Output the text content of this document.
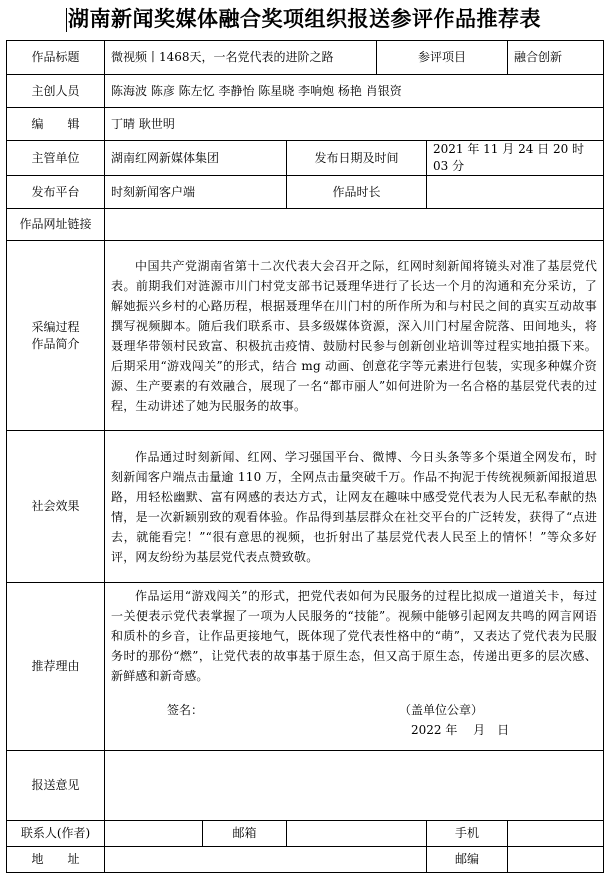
湖南新闻奖媒体融合奖项组织报送参评作品推荐表
作品标题	微视频丨1468天，一名党代表的进阶之路			参评项目		融合创新
主创人员	陈海波 陈彦 陈左忆 李静怡 陈星晓 李响炮 杨艳 肖银资					
编　　辑	丁晴 耿世明					
主管单位	湖南红网新媒体集团		发布日期及时间		2021 年 11 月 24 日 20 时 03 分	
发布平台	时刻新闻客户端		作品时长			
作品网址链接						
采编过程作品简介	中国共产党湖南省第十二次代表大会召开之际，红网时刻新闻将镜头对准了基层党代表。前期我们对涟源市川门村党支部书记聂理华进行了长达一个月的沟通和充分采访，了解她振兴乡村的心路历程，根据聂理华在川门村的所作所为和与村民之间的真实互动故事撰写视频脚本。随后我们联系市、县多级媒体资源，深入川门村屋舍院落、田间地头，将聂理华带领村民致富、积极抗击疫情、鼓励村民参与创新创业培训等过程实地拍摄下来。后期采用“游戏闯关”的形式，结合 mg 动画、创意花字等元素进行包装，实现多种媒介资源、生产要素的有效融合，展现了一名“都市丽人”如何进阶为一名合格的基层党代表的过程，生动讲述了她为民服务的故事。					
社会效果	作品通过时刻新闻、红网、学习强国平台、微博、今日头条等多个渠道全网发布，时刻新闻客户端点击量逾 110 万，全网点击量突破千万。作品不拘泥于传统视频新闻报道思路，用轻松幽默、富有网感的表达方式，让网友在趣味中感受党代表为人民无私奉献的热情，是一次新颖别致的观看体验。作品得到基层群众在社交平台的广泛转发，获得了“点进去，就能看完！”“很有意思的视频，也折射出了基层党代表人民至上的情怀！”等众多好评，网友纷纷为基层党代表点赞致敬。					
推荐理由	作品运用“游戏闯关”的形式，把党代表如何为民服务的过程比拟成一道道关卡，每过一关便表示党代表掌握了一项为人民服务的“技能”。视频中能够引起网友共鸣的网言网语和质朴的乡音，让作品更接地气，既体现了党代表性格中的“萌”，又表达了党代表为民服务时的那份“燃”，让党代表的故事基于原生态，但又高于原生态，传递出更多的层次感、新鲜感和新奇感。
签名： （盖单位公章）
2022 年　 月　日					

报送意见						
联系人(作者)		邮箱			手机	
地　　址					邮编	
